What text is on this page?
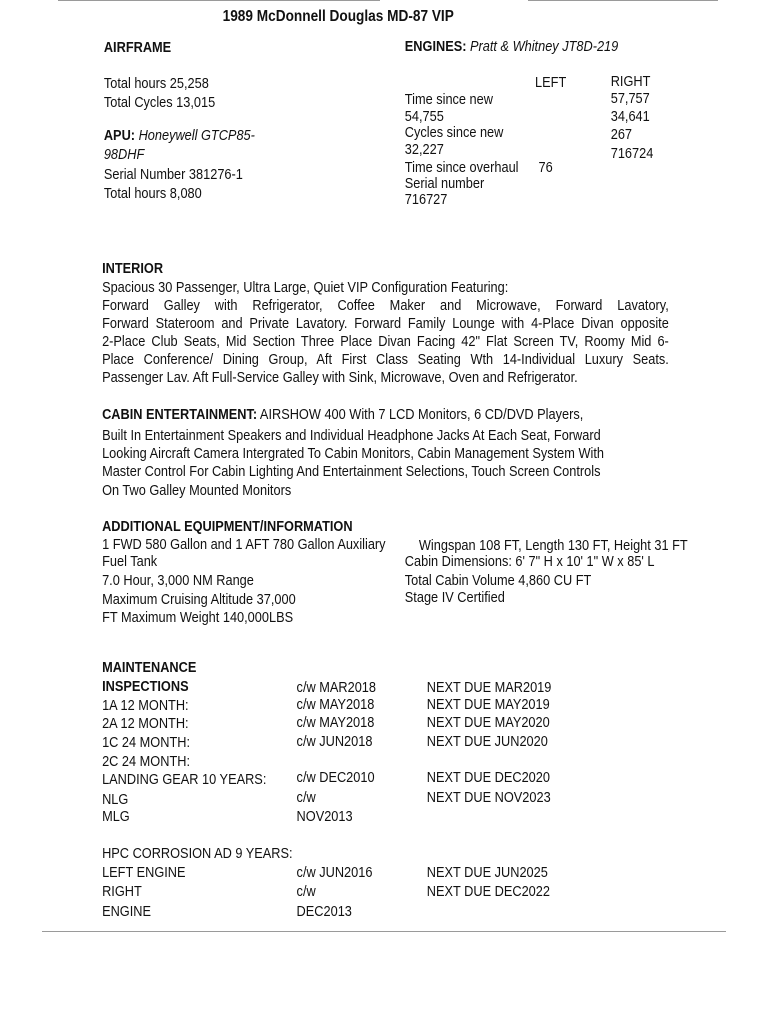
1989 McDonnell Douglas MD-87 VIP
AIRFRAME
Total hours 25,258
Total Cycles 13,015
APU: Honeywell GTCP85-
98DHF
Serial Number 381276-1
Total hours 8,080
ENGINES: Pratt & Whitney JT8D-219
LEFT	RIGHT
Time since new
54,755
57,757
Cycles since new
32,227
34,641
Time since overhaul 76
267
Serial number
716727
716724
INTERIOR
Spacious 30 Passenger, Ultra Large, Quiet VIP Configuration Featuring:
Forward Galley with Refrigerator, Coffee Maker and Microwave, Forward Lavatory,
Forward Stateroom and Private Lavatory. Forward Family Lounge with 4-Place Divan opposite
2-Place Club Seats, Mid Section Three Place Divan Facing 42" Flat Screen TV, Roomy Mid 6-
Place Conference/ Dining Group, Aft First Class Seating Wth 14-Individual Luxury Seats.
Passenger Lav. Aft Full-Service Galley with Sink, Microwave, Oven and Refrigerator.
CABIN ENTERTAINMENT: AIRSHOW 400 With 7 LCD Monitors, 6 CD/DVD Players,
Built In Entertainment Speakers and Individual Headphone Jacks At Each Seat, Forward
Looking Aircraft Camera Intergrated To Cabin Monitors, Cabin Management System With
Master Control For Cabin Lighting And Entertainment Selections, Touch Screen Controls
On Two Galley Mounted Monitors
ADDITIONAL EQUIPMENT/INFORMATION
1 FWD 580 Gallon and 1 AFT 780 Gallon Auxiliary
Fuel Tank
7.0 Hour, 3,000 NM Range
Maximum Cruising Altitude 37,000
FT Maximum Weight 140,000LBS
Wingspan 108 FT, Length 130 FT, Height 31 FT
Cabin Dimensions: 6' 7" H x 10' 1" W x 85' L
Total Cabin Volume 4,860 CU FT
Stage IV Certified
MAINTENANCE
INSPECTIONS
1A 12 MONTH:
2A 12 MONTH:
1C 24 MONTH:
2C 24 MONTH:
LANDING GEAR 10 YEARS:
NLG
MLG
c/w MAR2018
c/w MAY2018
c/w MAY2018
c/w JUN2018
c/w DEC2010
c/w
NOV2013
NEXT DUE MAR2019
NEXT DUE MAY2019
NEXT DUE MAY2020
NEXT DUE JUN2020
NEXT DUE DEC2020
NEXT DUE NOV2023
HPC CORROSION AD 9 YEARS:
LEFT ENGINE
RIGHT
ENGINE
c/w JUN2016
c/w
DEC2013
NEXT DUE JUN2025
NEXT DUE DEC2022
